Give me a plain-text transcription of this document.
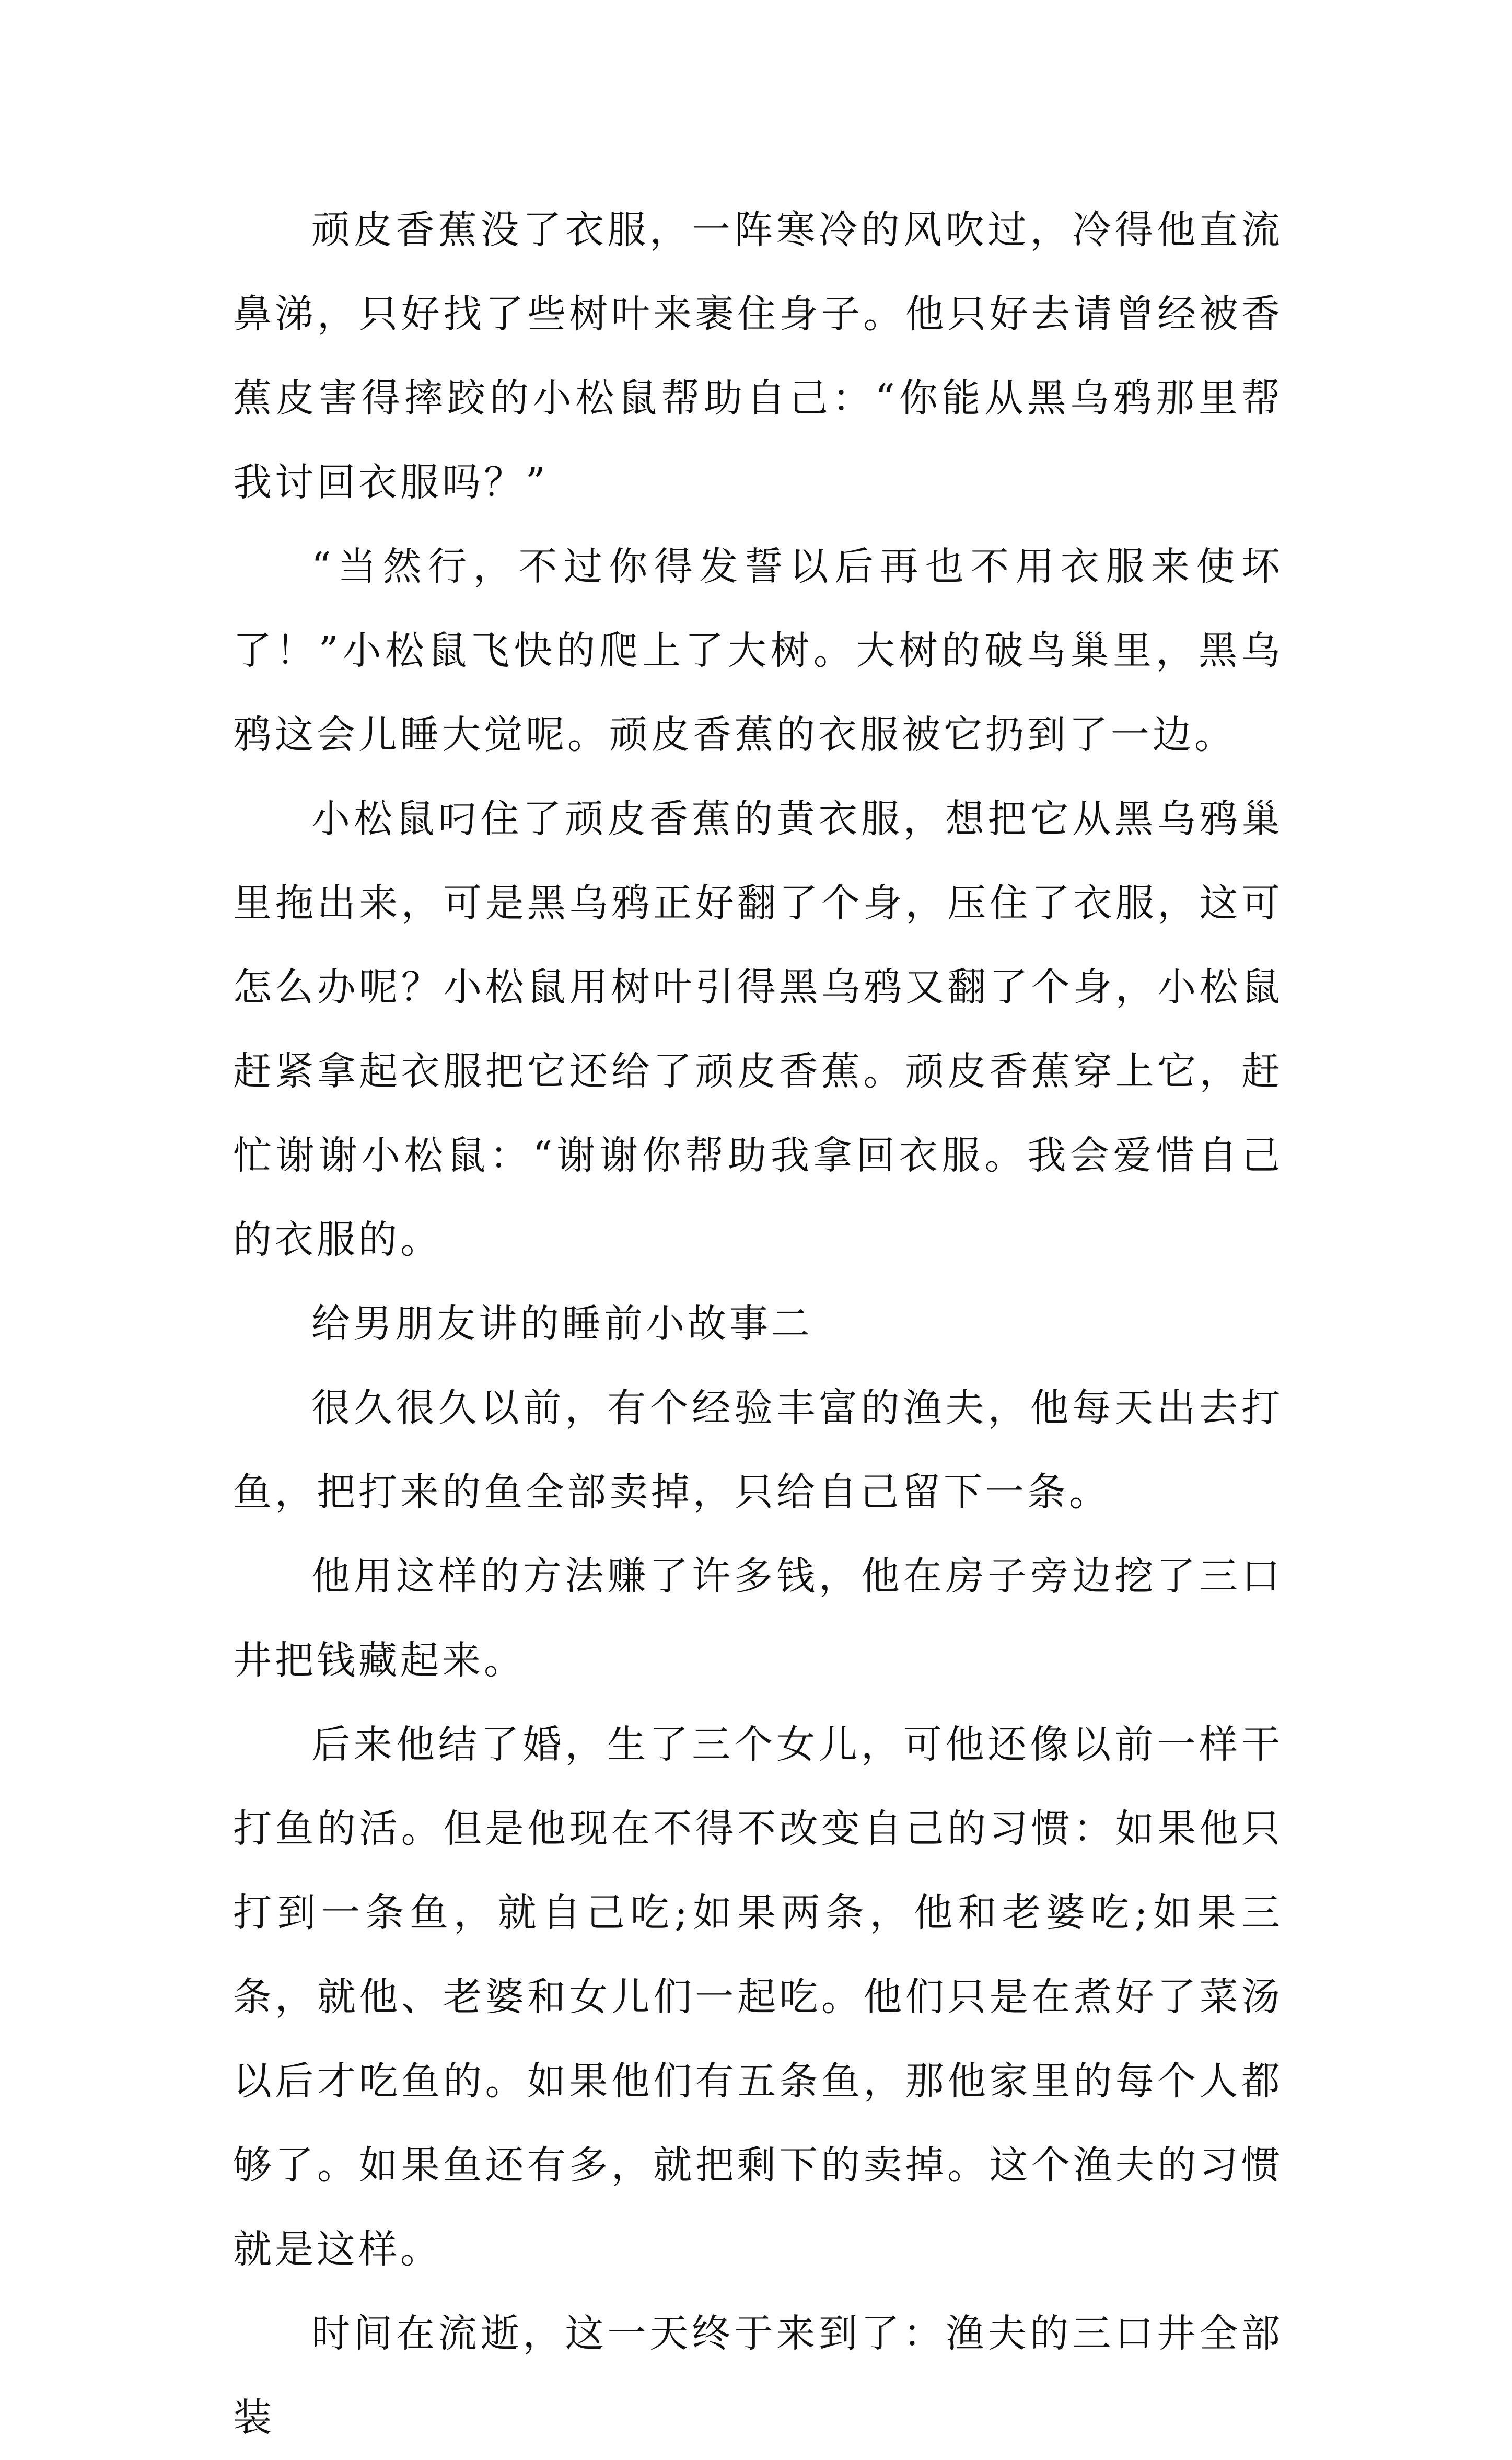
顽皮香蕉没了衣服，一阵寒冷的风吹过，冷得他直流鼻涕，只好找了些树叶来裹住身子。他只好去请曾经被香蕉皮害得摔跤的小松鼠帮助自己：“你能从黑乌鸦那里帮我讨回衣服吗？”

“当然行，不过你得发誓以后再也不用衣服来使坏了！”小松鼠飞快的爬上了大树。大树的破鸟巢里，黑乌鸦这会儿睡大觉呢。顽皮香蕉的衣服被它扔到了一边。

小松鼠叼住了顽皮香蕉的黄衣服，想把它从黑乌鸦巢里拖出来，可是黑乌鸦正好翻了个身，压住了衣服，这可怎么办呢？小松鼠用树叶引得黑乌鸦又翻了个身，小松鼠赶紧拿起衣服把它还给了顽皮香蕉。顽皮香蕉穿上它，赶忙谢谢小松鼠：“谢谢你帮助我拿回衣服。我会爱惜自己的衣服的。

给男朋友讲的睡前小故事二

很久很久以前，有个经验丰富的渔夫，他每天出去打鱼，把打来的鱼全部卖掉，只给自己留下一条。

他用这样的方法赚了许多钱，他在房子旁边挖了三口井把钱藏起来。

后来他结了婚，生了三个女儿，可他还像以前一样干打鱼的活。但是他现在不得不改变自己的习惯：如果他只打到一条鱼，就自己吃;如果两条，他和老婆吃;如果三条，就他、老婆和女儿们一起吃。他们只是在煮好了菜汤以后才吃鱼的。如果他们有五条鱼，那他家里的每个人都够了。如果鱼还有多，就把剩下的卖掉。这个渔夫的习惯就是这样。

时间在流逝，这一天终于来到了：渔夫的三口井全部装
